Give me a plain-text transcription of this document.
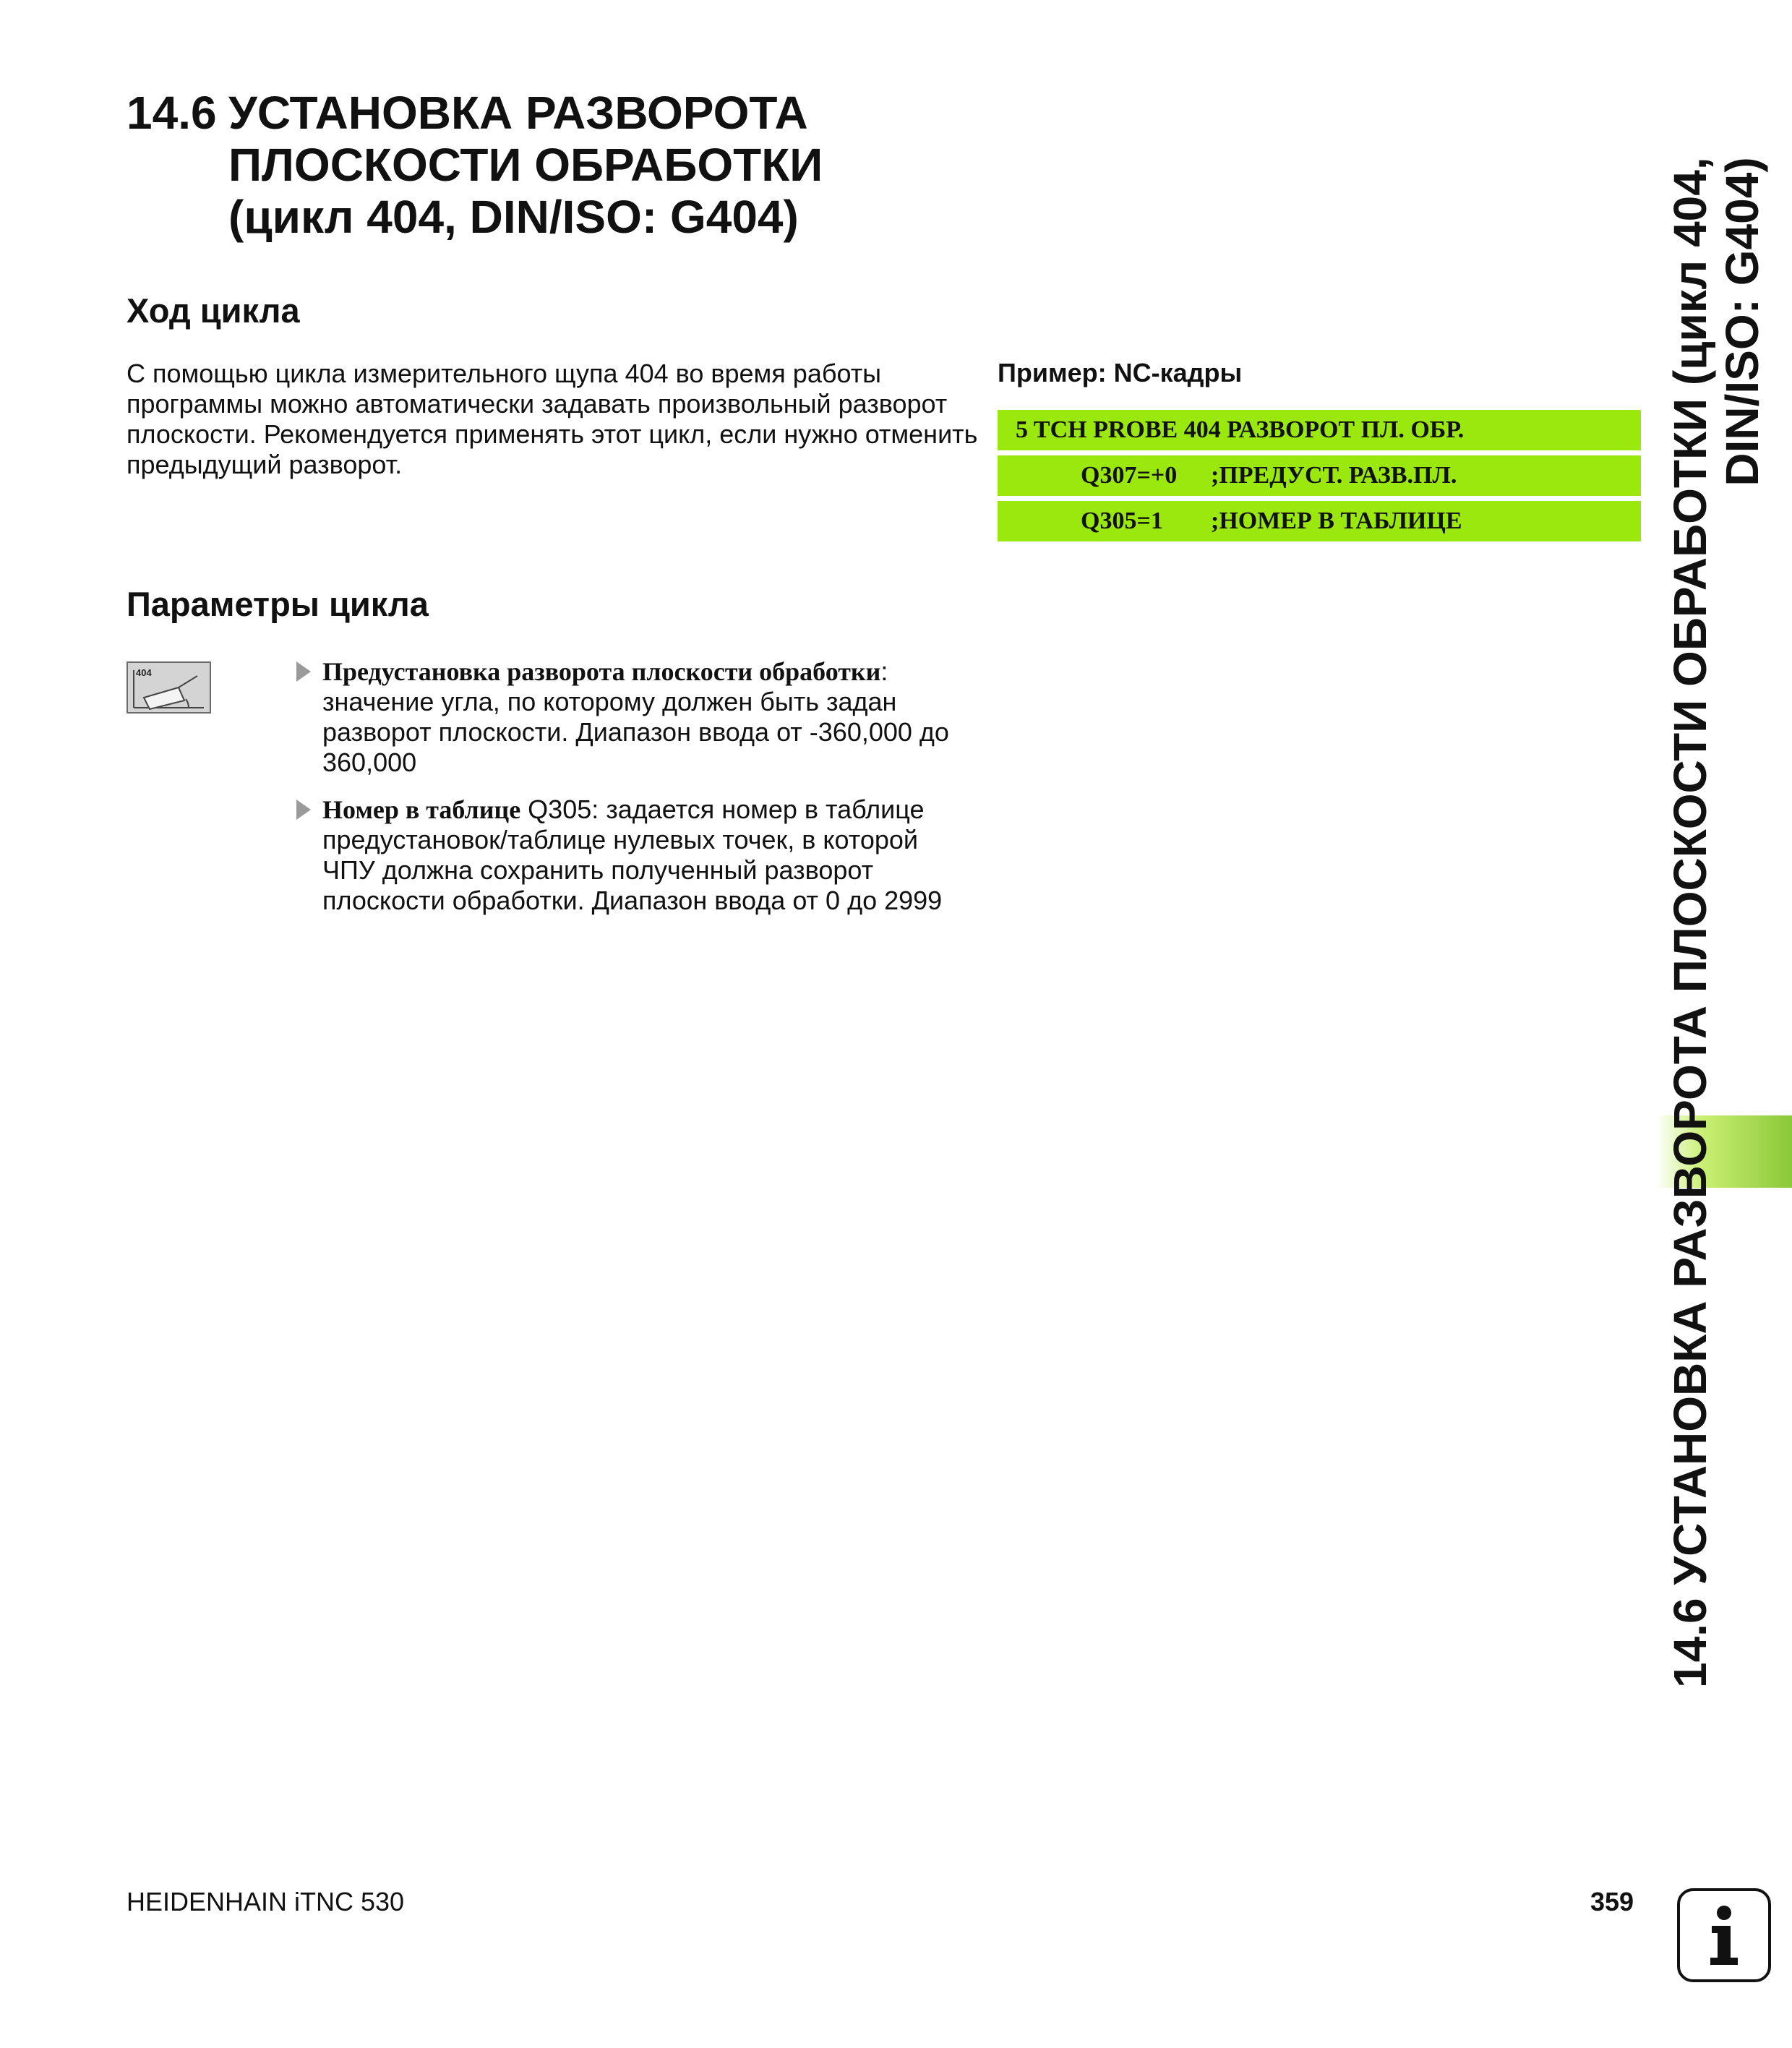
14.6 УСТАНОВКА РАЗВОРОТА
ПЛОСКОСТИ ОБРАБОТКИ
(цикл 404, DIN/ISO: G404)
Ход цикла

С помощью цикла измерительного щупа 404 во время работы программы можно автоматически задавать произвольный разворот плоскости. Рекомендуется применять этот цикл, если нужно отменить предыдущий разворот.

Пример: NC-кадры
5 TCH PROBE 404 РАЗВОРОТ ПЛ. ОБР.
Q307=+0 ;ПРЕДУСТ. РАЗВ.ПЛ.
Q305=1 ;НОМЕР В ТАБЛИЦЕ
Параметры цикла
404	Предустановка разворота плоскости обработки:
значение угла, по которому должен быть задан разворот плоскости. Диапазон ввода от -360,000 до 360,000
Номер в таблице Q305: задается номер в таблице предустановок/таблице нулевых точек, в которой ЧПУ должна сохранить полученный разворот плоскости обработки. Диапазон ввода от 0 до 2999	14.6 УСТАНОВКА РАЗВОРОТА ПЛОСКОСТИ ОБРАБОТКИ (цикл 404, DIN/ISO: G404)
HEIDENHAIN iTNC 530	359
